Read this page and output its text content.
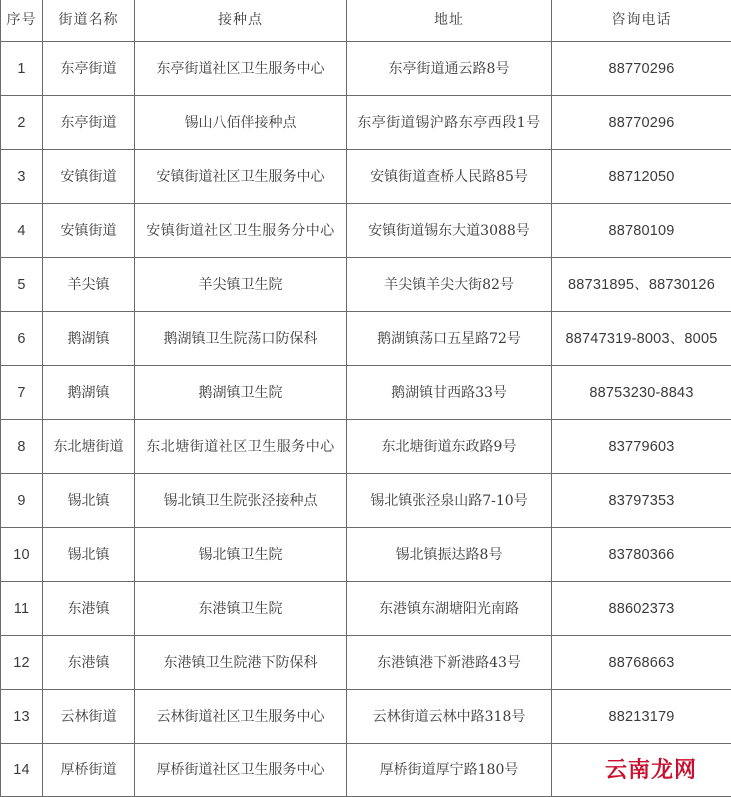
序号	街道名称	接种点	地址	咨询电话
1	东亭街道	东亭街道社区卫生服务中心	东亭街道通云路8号	88770296
2	东亭街道	锡山八佰伴接种点	东亭街道锡沪路东亭西段1号	88770296
3	安镇街道	安镇街道社区卫生服务中心	安镇街道查桥人民路85号	88712050
4	安镇街道	安镇街道社区卫生服务分中心	安镇街道锡东大道3088号	88780109
5	羊尖镇	羊尖镇卫生院	羊尖镇羊尖大街82号	88731895、88730126
6	鹅湖镇	鹅湖镇卫生院荡口防保科	鹅湖镇荡口五星路72号	88747319-8003、8005
7	鹅湖镇	鹅湖镇卫生院	鹅湖镇甘西路33号	88753230-8843
8	东北塘街道	东北塘街道社区卫生服务中心	东北塘街道东政路9号	83779603
9	锡北镇	锡北镇卫生院张泾接种点	锡北镇张泾泉山路7-10号	83797353
10	锡北镇	锡北镇卫生院	锡北镇振达路8号	83780366
11	东港镇	东港镇卫生院	东港镇东湖塘阳光南路	88602373
12	东港镇	东港镇卫生院港下防保科	东港镇港下新港路43号	88768663
13	云林街道	云林街道社区卫生服务中心	云林街道云林中路318号	88213179
14	厚桥街道	厚桥街道社区卫生服务中心	厚桥街道厚宁路180号		云南龙网
